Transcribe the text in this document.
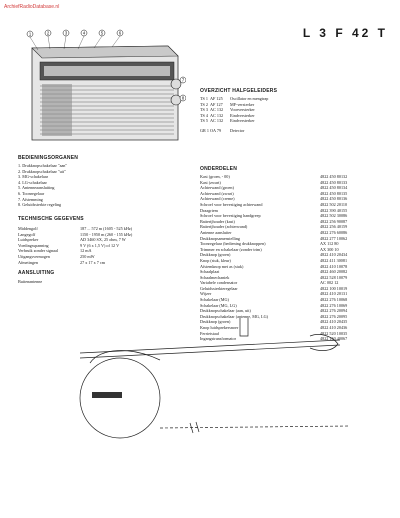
ArchiefRadioDatabase.nl
L 3 F 42 T
1	2	3	4	5	6
7
8
OVERZICHT HALFGELEIDERS
TS 1 AF 125	Oscillator en mengtrap
TS 2 AF 127	MF-versterker
TS 3 AC 132	Voorversterker
TS 4 AC 132	Eindversterker
TS 5 AC 132	Eindversterker
GR 1 OA 79	Detector
BEDIENINGSORGANEN
1. Drukknopschakelaar "aan"
2. Drukknopschakelaar "uit"
3. MG-schakelaar
4. LG-schakelaar
5. Antenneaansluiting
6. Toonregelaar
7. Afstemming
8. Geluidssterkte regeling
TECHNISCHE GEGEVENS
Middengolf	187 ... 572 m (1605 - 525 kHz)
Langegolf	1150 - 1950 m (260 - 155 kHz)
Luidspreker	AD 3460 SX, 25 ohm, 7 W
Voedingsspanning	9 V (6 x 1,5 V) of 12 V
Verbruik zonder signaal	12 mA
Uitgangsvermogen	250 mW
Afmetingen	27 x 17 x 7 cm
AANSLUITING
Buitenantenne
ONDERDELEN
Kast (groen, - 00)	4822 450 80132
Kast (zwart)	4822 450 80133
Achterwand (groen)	4822 450 80134
Achterwand (zwart)	4822 450 80135
Achterwand (creme)	4822 450 80136
Schroef voor bevestiging achterwand	4822 502 20110
Draagriem	4822 390 40155
Schroef voor bevestiging handgreep	4822 502 30086
Batterijhouder (kast)	4822 256 90087
Batterijhouder (achterwand)	4822 256 40159
Antenne aansluiter	4822 276 60086
Drukknopsamenstelling	4822 277 10062
Toonregelaar (bediening drukknoppen)	AX 112 80
Trimmer en schakelaar (zonder trim)	AX 300 10
Drukknop (groen)	4822 410 20434
Knop (stuk, kleur)	4822 411 30081
Afstemknop met as (stuk)	4822 410 10078
Schaalplaat	4822 460 20082
Schaalmechaniek	4822 528 10079
Variabele condensator	AC 002 12
Geluidssterkteregelaar	4822 100 10019
Wijzer	4822 410 20131
Schakelaar (MG)	4822 276 10068
Schakelaar (MG, LG)	4822 276 10069
Drukknopschakelaar (aan, uit)	4822 276 20094
Drukknopschakelaar (antenne, MG, LG)	4822 276 20095
Drukknop (groen)	4822 410 20435
Knop luidsprekersnoer	4822 410 20436
Ferrietstaaf	4822 520 10035
Ingangstransformator	4822 150 40067
